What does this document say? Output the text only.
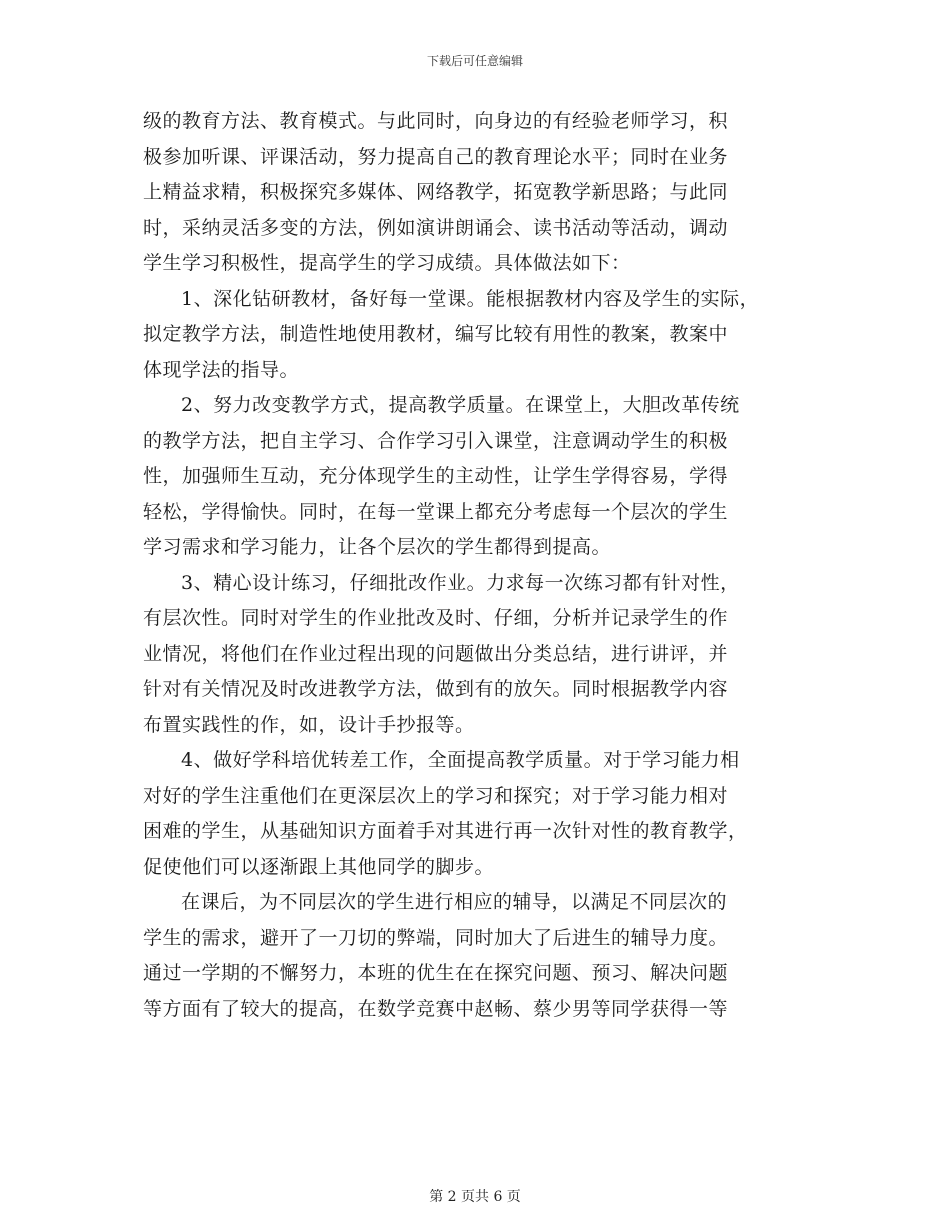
下载后可任意编辑
级的教育方法、教育模式。与此同时，向身边的有经验老师学习，积
极参加听课、评课活动，努力提高自己的教育理论水平；同时在业务
上精益求精，积极探究多媒体、网络教学，拓宽教学新思路；与此同
时，采纳灵活多变的方法，例如演讲朗诵会、读书活动等活动，调动
学生学习积极性，提高学生的学习成绩。具体做法如下：
1、深化钻研教材，备好每一堂课。能根据教材内容及学生的实际，
拟定教学方法，制造性地使用教材，编写比较有用性的教案，教案中
体现学法的指导。
2、努力改变教学方式，提高教学质量。在课堂上，大胆改革传统
的教学方法，把自主学习、合作学习引入课堂，注意调动学生的积极
性，加强师生互动，充分体现学生的主动性，让学生学得容易，学得
轻松，学得愉快。同时，在每一堂课上都充分考虑每一个层次的学生
学习需求和学习能力，让各个层次的学生都得到提高。
3、精心设计练习，仔细批改作业。力求每一次练习都有针对性，
有层次性。同时对学生的作业批改及时、仔细，分析并记录学生的作
业情况，将他们在作业过程出现的问题做出分类总结，进行讲评，并
针对有关情况及时改进教学方法，做到有的放矢。同时根据教学内容
布置实践性的作，如，设计手抄报等。
4、做好学科培优转差工作，全面提高教学质量。对于学习能力相
对好的学生注重他们在更深层次上的学习和探究；对于学习能力相对
困难的学生，从基础知识方面着手对其进行再一次针对性的教育教学，
促使他们可以逐渐跟上其他同学的脚步。
在课后，为不同层次的学生进行相应的辅导，以满足不同层次的
学生的需求，避开了一刀切的弊端，同时加大了后进生的辅导力度。
通过一学期的不懈努力，本班的优生在在探究问题、预习、解决问题
等方面有了较大的提高，在数学竞赛中赵畅、蔡少男等同学获得一等
第 2 页共 6 页
